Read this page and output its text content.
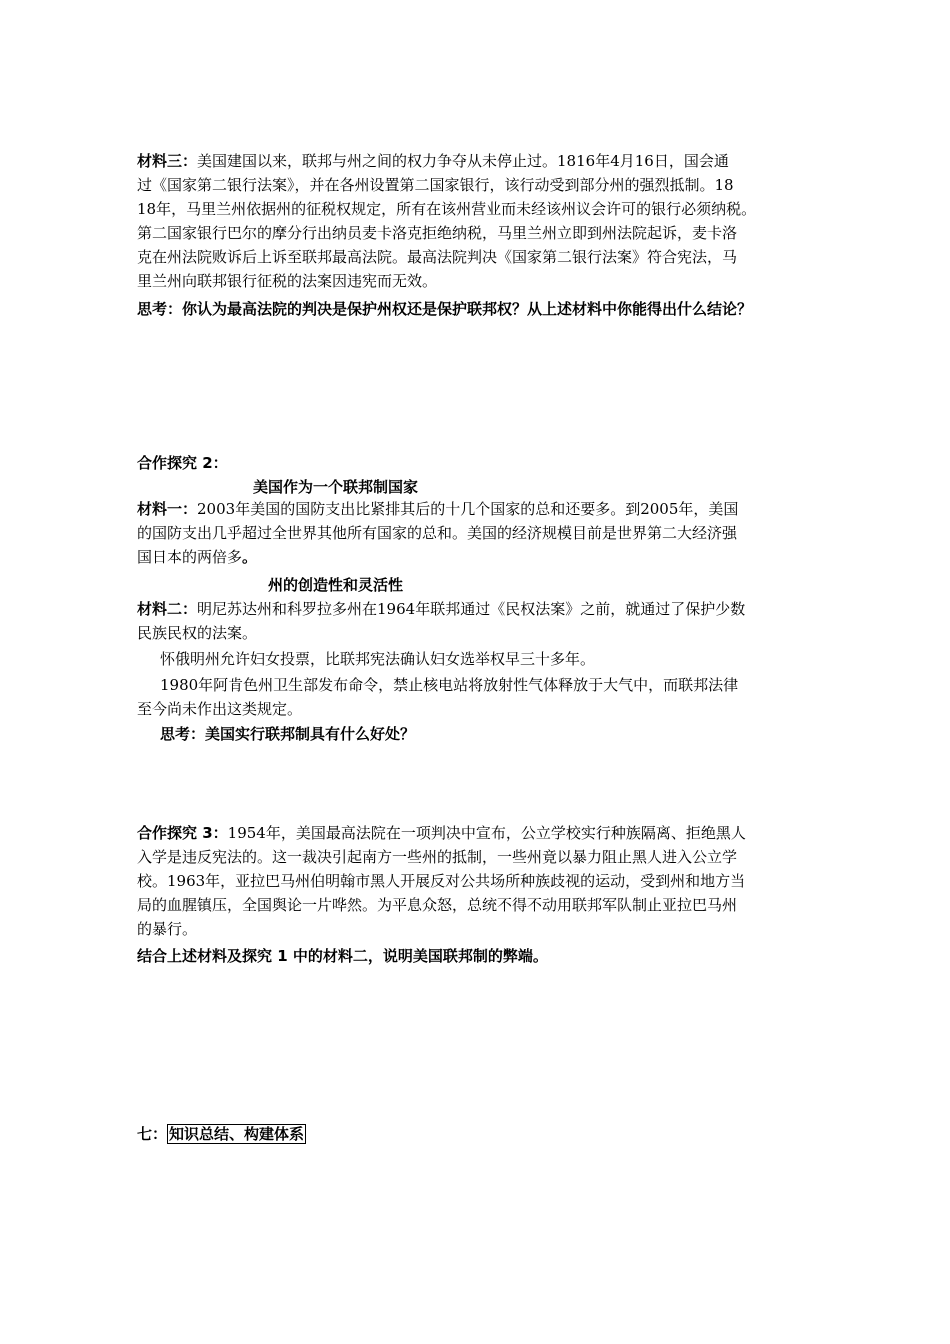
材料三：美国建国以来，联邦与州之间的权力争夺从未停止过。1816年4月16日，国会通
过《国家第二银行法案》，并在各州设置第二国家银行，该行动受到部分州的强烈抵制。18
18年，马里兰州依据州的征税权规定，所有在该州营业而未经该州议会许可的银行必须纳税。
第二国家银行巴尔的摩分行出纳员麦卡洛克拒绝纳税，马里兰州立即到州法院起诉，麦卡洛
克在州法院败诉后上诉至联邦最高法院。最高法院判决《国家第二银行法案》符合宪法，马
里兰州向联邦银行征税的法案因违宪而无效。
思考：你认为最高法院的判决是保护州权还是保护联邦权？从上述材料中你能得出什么结论？
合作探究 2：
美国作为一个联邦制国家
材料一：2003年美国的国防支出比紧排其后的十几个国家的总和还要多。到2005年，美国
的国防支出几乎超过全世界其他所有国家的总和。美国的经济规模目前是世界第二大经济强
国日本的两倍多。
州的创造性和灵活性
材料二：明尼苏达州和科罗拉多州在1964年联邦通过《民权法案》之前，就通过了保护少数
民族民权的法案。
怀俄明州允许妇女投票，比联邦宪法确认妇女选举权早三十多年。
1980年阿肯色州卫生部发布命令，禁止核电站将放射性气体释放于大气中，而联邦法律
至今尚未作出这类规定。
思考：美国实行联邦制具有什么好处？
合作探究 3：1954年，美国最高法院在一项判决中宣布，公立学校实行种族隔离、拒绝黑人
入学是违反宪法的。这一裁决引起南方一些州的抵制，一些州竟以暴力阻止黑人进入公立学
校。1963年，亚拉巴马州伯明翰市黑人开展反对公共场所种族歧视的运动，受到州和地方当
局的血腥镇压，全国舆论一片哗然。为平息众怒，总统不得不动用联邦军队制止亚拉巴马州
的暴行。
结合上述材料及探究 1 中的材料二，说明美国联邦制的弊端。
七： 知识总结、构建体系
